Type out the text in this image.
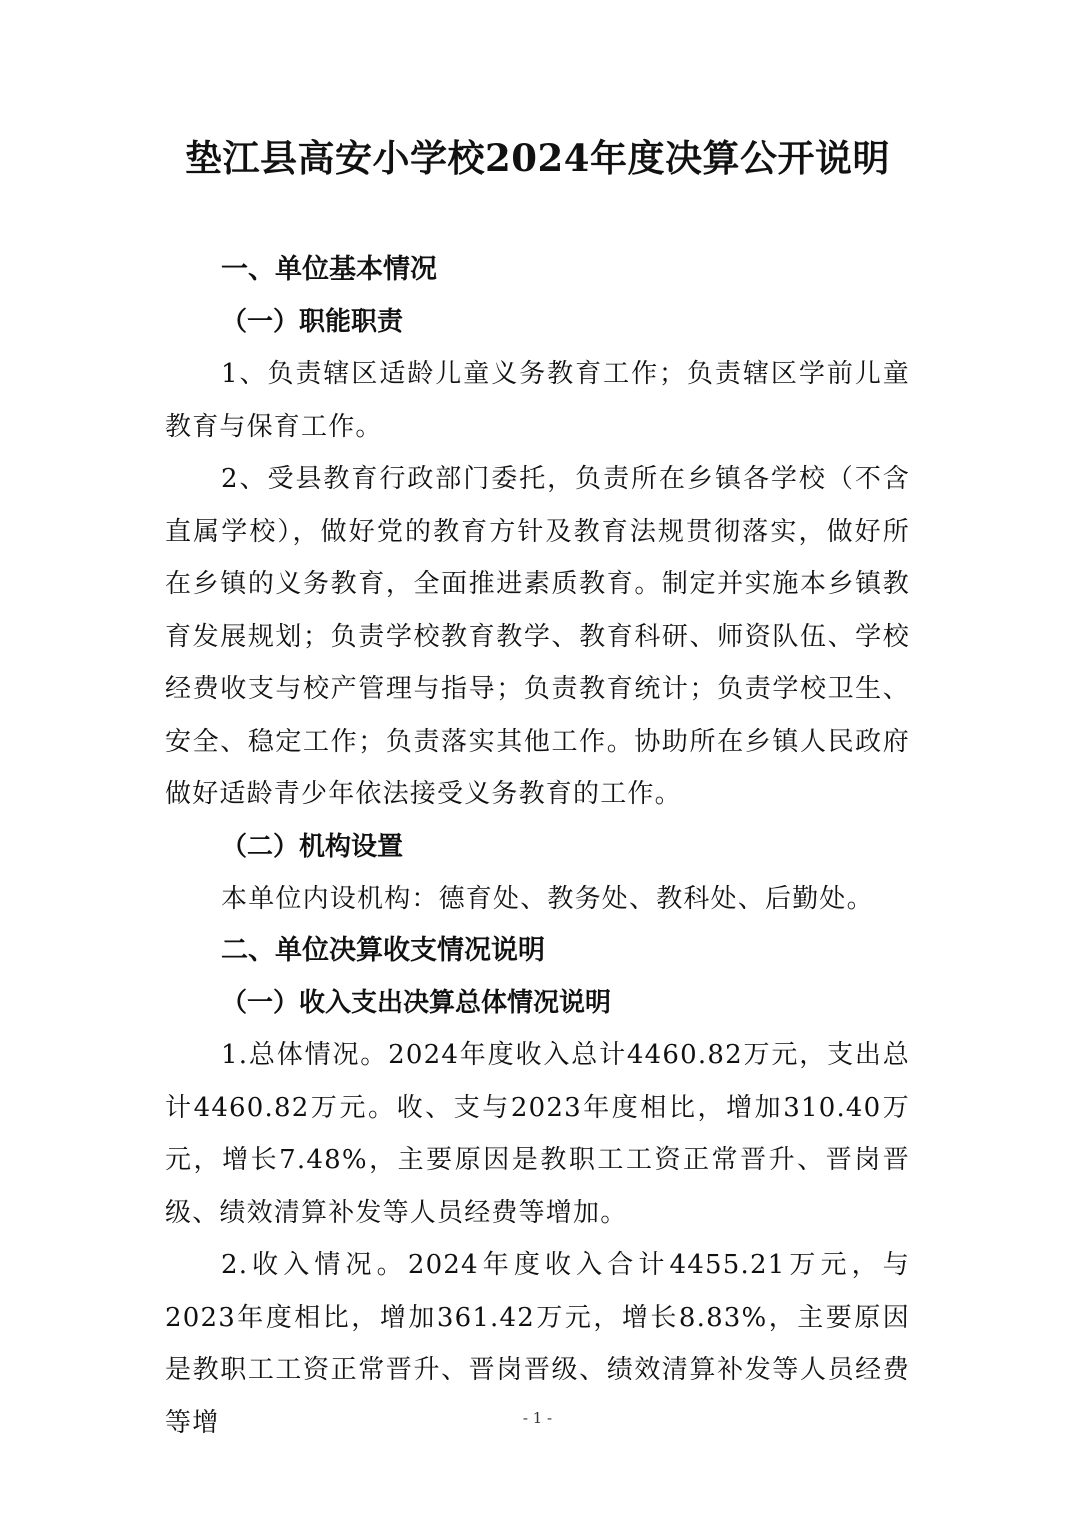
垫江县高安小学校2024年度决算公开说明

一、单位基本情况

（一）职能职责

1、负责辖区适龄儿童义务教育工作；负责辖区学前儿童教育与保育工作。

2、受县教育行政部门委托，负责所在乡镇各学校（不含直属学校），做好党的教育方针及教育法规贯彻落实，做好所在乡镇的义务教育，全面推进素质教育。制定并实施本乡镇教育发展规划；负责学校教育教学、教育科研、师资队伍、学校经费收支与校产管理与指导；负责教育统计；负责学校卫生、安全、稳定工作；负责落实其他工作。协助所在乡镇人民政府做好适龄青少年依法接受义务教育的工作。

（二）机构设置

本单位内设机构：德育处、教务处、教科处、后勤处。

二、单位决算收支情况说明

（一）收入支出决算总体情况说明

1.总体情况。2024年度收入总计4460.82万元，支出总计4460.82万元。收、支与2023年度相比，增加310.40万元，增长7.48%，主要原因是教职工工资正常晋升、晋岗晋级、绩效清算补发等人员经费等增加。

2.收入情况。2024年度收入合计4455.21万元，与2023年度相比，增加361.42万元，增长8.83%，主要原因是教职工工资正常晋升、晋岗晋级、绩效清算补发等人员经费等增	- 1 -
